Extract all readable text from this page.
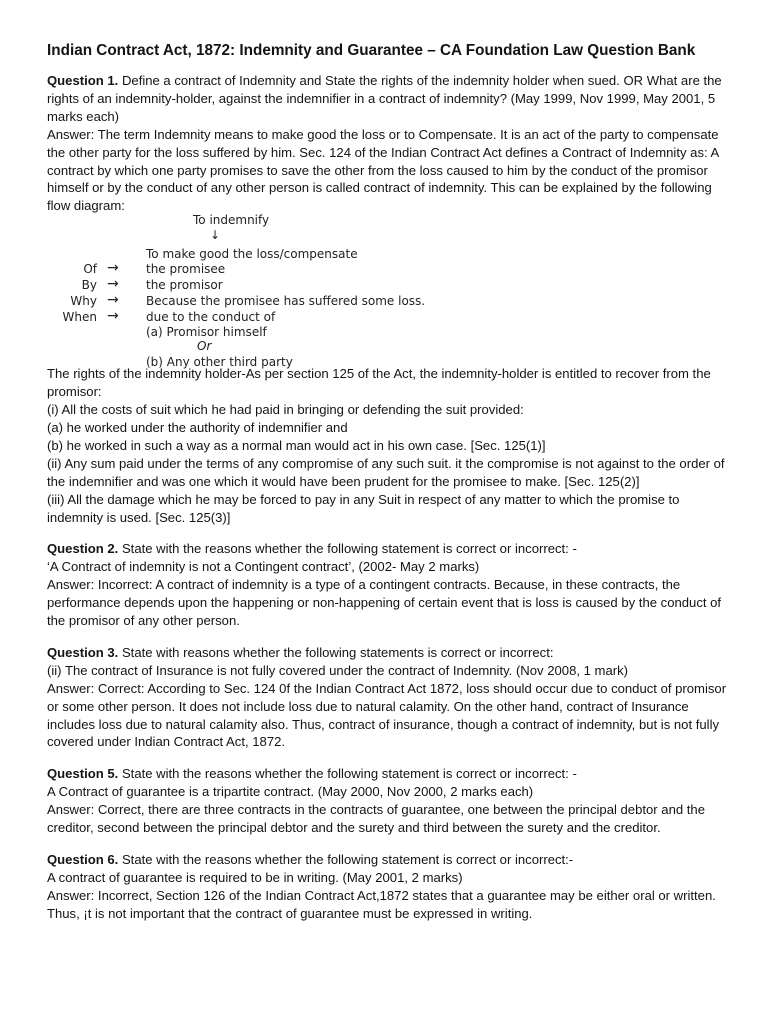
Indian Contract Act, 1872: Indemnity and Guarantee – CA Foundation Law Question Bank

Question 1. Define a contract of Indemnity and State the rights of the indemnity holder when sued. OR What are the rights of an indemnity-holder, against the indemnifier in a contract of indemnity? (May 1999, Nov 1999, May 2001, 5 marks each)

Answer: The term Indemnity means to make good the loss or to Compensate. It is an act of the party to compensate the other party for the loss suffered by him. Sec. 124 of the Indian Contract Act defines a Contract of Indemnity as: A contract by which one party promises to save the other from the loss caused to him by the conduct of the promisor himself or by the conduct of any other person is called contract of indemnity. This can be explained by the following flow diagram:

To indemnify
↓
To make good the loss/compensate
Of → the promisee
By → the promisor
Why → Because the promisee has suffered some loss.
When → due to the conduct of
(a) Promisor himself
Or
(b) Any other third party

The rights of the indemnity holder-As per section 125 of the Act, the indemnity-holder is entitled to recover from the promisor:

(i) All the costs of suit which he had paid in bringing or defending the suit provided:

(a) he worked under the authority of indemnifier and

(b) he worked in such a way as a normal man would act in his own case. [Sec. 125(1)]

(ii) Any sum paid under the terms of any compromise of any such suit. it the compromise is not against to the order of the indemnifier and was one which it would have been prudent for the promisee to make. [Sec. 125(2)]

(iii) All the damage which he may be forced to pay in any Suit in respect of any matter to which the promise to indemnity is used. [Sec. 125(3)]

Question 2. State with the reasons whether the following statement is correct or incorrect: -

‘A Contract of indemnity is not a Contingent contract’, (2002- May 2 marks)

Answer: Incorrect: A contract of indemnity is a type of a contingent contracts. Because, in these contracts, the performance depends upon the happening or non-happening of certain event that is loss is caused by the conduct of the promisor of any other person.

Question 3. State with reasons whether the following statements is correct or incorrect:

(ii) The contract of Insurance is not fully covered under the contract of Indemnity. (Nov 2008, 1 mark)

Answer: Correct: According to Sec. 124 0f the Indian Contract Act 1872, loss should occur due to conduct of promisor or some other person. It does not include loss due to natural calamity. On the other hand, contract of Insurance includes loss due to natural calamity also. Thus, contract of insurance, though a contract of indemnity, but is not fully covered under Indian Contract Act, 1872.

Question 5. State with the reasons whether the following statement is correct or incorrect: -

A Contract of guarantee is a tripartite contract. (May 2000, Nov 2000, 2 marks each)

Answer: Correct, there are three contracts in the contracts of guarantee, one between the principal debtor and the creditor, second between the principal debtor and the surety and third between the surety and the creditor.

Question 6. State with the reasons whether the following statement is correct or incorrect:-

A contract of guarantee is required to be in writing. (May 2001, 2 marks)

Answer: Incorrect, Section 126 of the Indian Contract Act,1872 states that a guarantee may be either oral or written. Thus, ¡t is not important that the contract of guarantee must be expressed in writing.
